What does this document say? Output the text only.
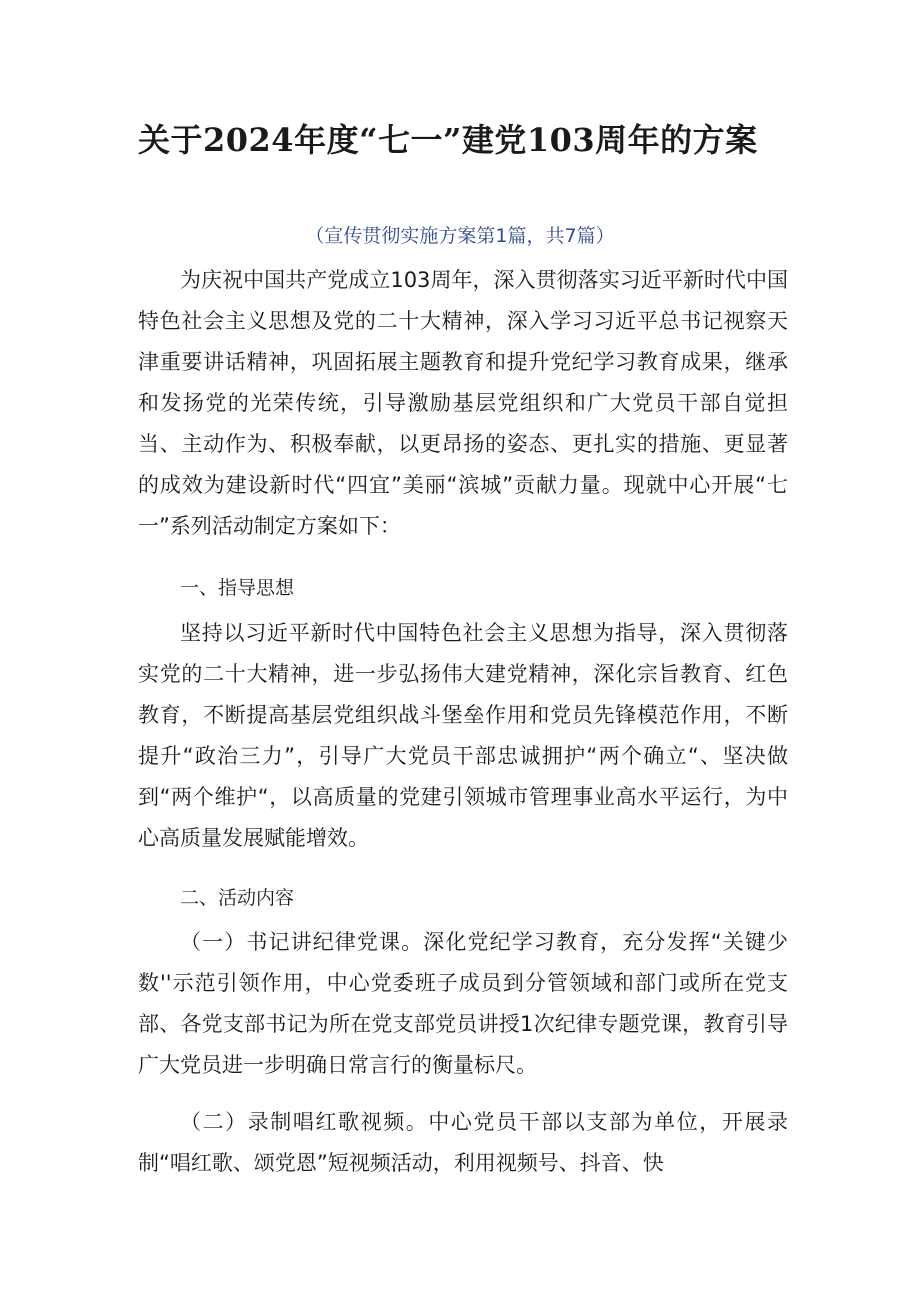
关于2024年度“七一”建党103周年的方案
（宣传贯彻实施方案第1篇，共7篇）

为庆祝中国共产党成立103周年，深入贯彻落实习近平新时代中国特色社会主义思想及党的二十大精神，深入学习习近平总书记视察天津重要讲话精神，巩固拓展主题教育和提升党纪学习教育成果，继承和发扬党的光荣传统，引导激励基层党组织和广大党员干部自觉担当、主动作为、积极奉献，以更昂扬的姿态、更扎实的措施、更显著的成效为建设新时代“四宜”美丽“滨城”贡献力量。现就中心开展“七一”系列活动制定方案如下：

一、指导思想

坚持以习近平新时代中国特色社会主义思想为指导，深入贯彻落实党的二十大精神，进一步弘扬伟大建党精神，深化宗旨教育、红色教育，不断提高基层党组织战斗堡垒作用和党员先锋模范作用，不断提升“政治三力”，引导广大党员干部忠诚拥护“两个确立“、坚决做到“两个维护“，以高质量的党建引领城市管理事业高水平运行，为中心高质量发展赋能增效。

二、活动内容

（一）书记讲纪律党课。深化党纪学习教育，充分发挥“关键少数''示范引领作用，中心党委班子成员到分管领域和部门或所在党支部、各党支部书记为所在党支部党员讲授1次纪律专题党课，教育引导广大党员进一步明确日常言行的衡量标尺。

（二）录制唱红歌视频。中心党员干部以支部为单位，开展录制“唱红歌、颂党恩”短视频活动，利用视频号、抖音、快
